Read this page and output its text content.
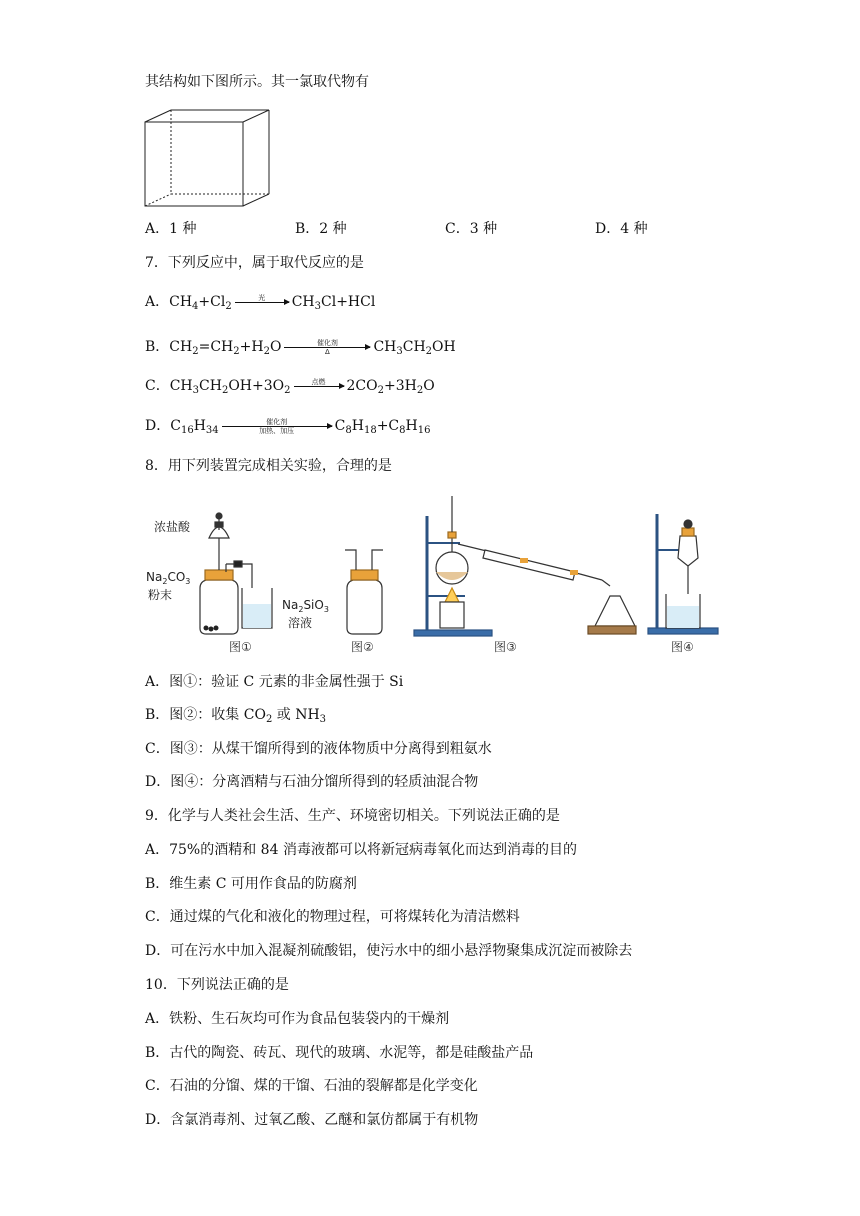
其结构如下图所示。其一氯取代物有
A．1 种	B．2 种	C．3 种	D．4 种
7．下列反应中，属于取代反应的是
A． $CH_4+Cl_2$
光
$CH_3Cl+HCl$
B． $CH_2=CH_2+H_2O$	催化剂
Δ	$CH_3CH_2OH$
C． $CH_3CH_2OH+3O_2$
点燃
$2CO_2+3H_2O$
D． $C_{16}H_{34}$
催化剂
加热、加压	$C_8H_{18}+C_8H_{16}$
8．用下列装置完成相关实验，合理的是
浓盐酸
$Na_2CO_3$
粉末
$Na_2SiO_3$
溶液
图①	图②	图③	图④
A．图①：验证 C 元素的非金属性强于 Si
B．图②：收集 $CO_2$ 或 $NH_3$
C．图③：从煤干馏所得到的液体物质中分离得到粗氨水
D．图④：分离酒精与石油分馏所得到的轻质油混合物
9．化学与人类社会生活、生产、环境密切相关。下列说法正确的是
A．75%的酒精和 84 消毒液都可以将新冠病毒氧化而达到消毒的目的
B．维生素 C 可用作食品的防腐剂
C．通过煤的气化和液化的物理过程，可将煤转化为清洁燃料
D．可在污水中加入混凝剂硫酸铝，使污水中的细小悬浮物聚集成沉淀而被除去
10．下列说法正确的是
A．铁粉、生石灰均可作为食品包装袋内的干燥剂
B．古代的陶瓷、砖瓦、现代的玻璃、水泥等，都是硅酸盐产品
C．石油的分馏、煤的干馏、石油的裂解都是化学变化
D．含氯消毒剂、过氧乙酸、乙醚和氯仿都属于有机物
